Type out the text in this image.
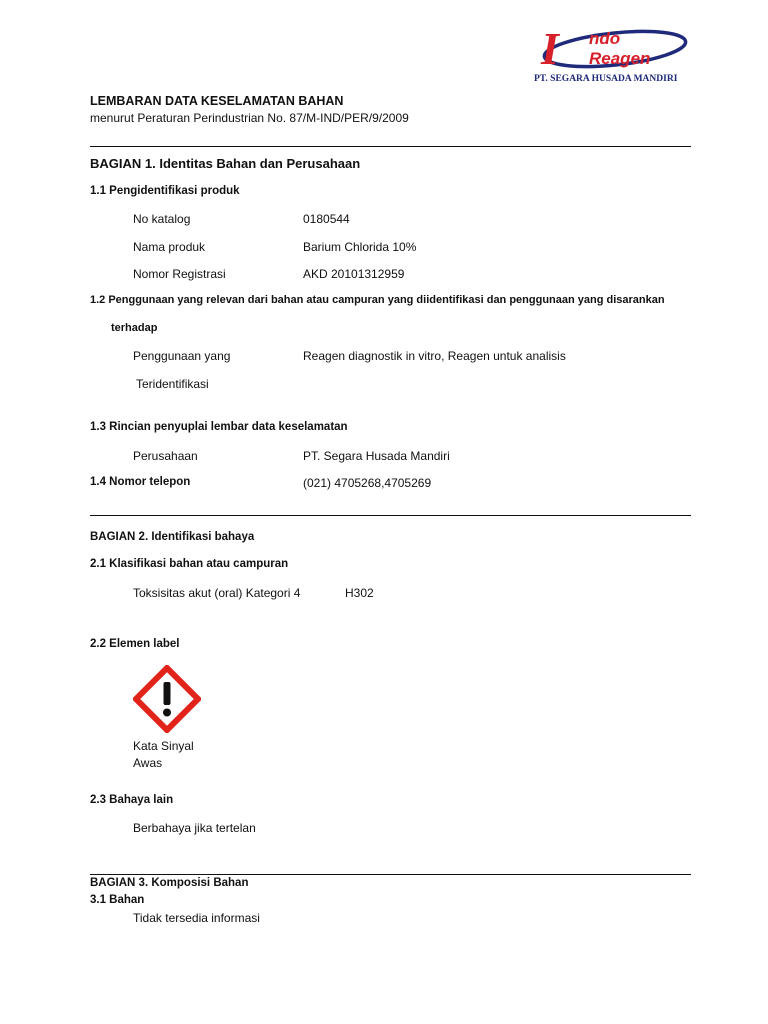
I ndo
Reagen
PT. SEGARA HUSADA MANDIRI
LEMBARAN DATA KESELAMATAN BAHAN
menurut Peraturan Perindustrian No. 87/M-IND/PER/9/2009
BAGIAN 1. Identitas Bahan dan Perusahaan
1.1 Pengidentifikasi produk
No katalog	0180544
Nama produk	Barium Chlorida 10%
Nomor Registrasi	AKD 20101312959
1.2 Penggunaan yang relevan dari bahan atau campuran yang diidentifikasi dan penggunaan yang disarankan
terhadap
Penggunaan yang	Reagen diagnostik in vitro, Reagen untuk analisis
Teridentifikasi
1.3 Rincian penyuplai lembar data keselamatan
Perusahaan	PT. Segara Husada Mandiri
1.4 Nomor telepon	(021) 4705268,4705269
BAGIAN 2. Identifikasi bahaya
2.1 Klasifikasi bahan atau campuran
Toksisitas akut (oral) Kategori 4	H302
2.2 Elemen label
Kata Sinyal
Awas
2.3 Bahaya lain
Berbahaya jika tertelan
BAGIAN 3. Komposisi Bahan
3.1 Bahan
Tidak tersedia informasi
